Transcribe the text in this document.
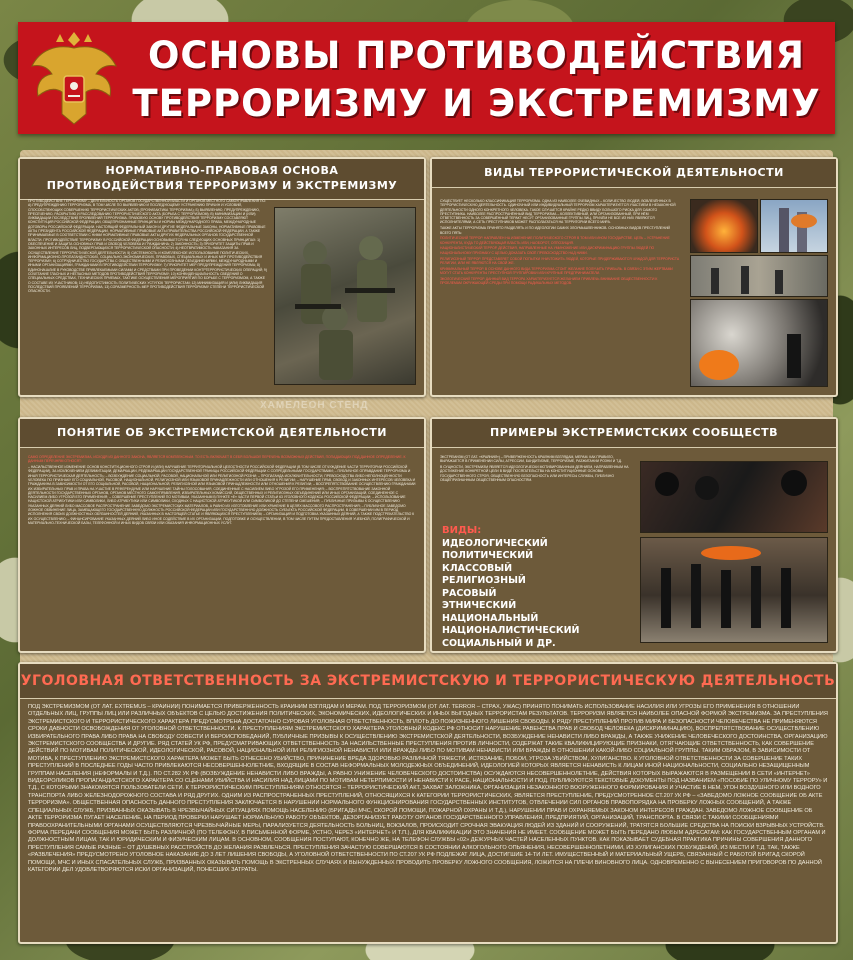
ОСНОВЫ ПРОТИВОДЕЙСТВИЯ
ТЕРРОРИЗМУ И ЭКСТРЕМИЗМУ
НОРМАТИВНО-ПРАВОВАЯ ОСНОВА
ПРОТИВОДЕЙСТВИЯ ТЕРРОРИЗМУ И ЭКСТРЕМИЗМУ

ПРОТИВОДЕЙСТВИЕ ТЕРРОРИЗМУ – ДЕЯТЕЛЬНОСТЬ ОРГАНОВ ГОСУДАРСТВЕННОЙ ВЛАСТИ И ОРГАНОВ МЕСТНОГО САМОУПРАВЛЕНИЯ ПО: А) ПРЕДУПРЕЖДЕНИЮ ТЕРРОРИЗМА, В ТОМ ЧИСЛЕ ПО ВЫЯВЛЕНИЮ И ПОСЛЕДУЮЩЕМУ УСТРАНЕНИЮ ПРИЧИН И УСЛОВИЙ, СПОСОБСТВУЮЩИХ СОВЕРШЕНИЮ ТЕРРОРИСТИЧЕСКИХ АКТОВ (ПРОФИЛАКТИКА ТЕРРОРИЗМА); Б) ВЫЯВЛЕНИЮ, ПРЕДУПРЕЖДЕНИЮ, ПРЕСЕЧЕНИЮ, РАСКРЫТИЮ И РАССЛЕДОВАНИЮ ТЕРРОРИСТИЧЕСКОГО АКТА (БОРЬБА С ТЕРРОРИЗМОМ); В) МИНИМИЗАЦИИ И (ИЛИ) ЛИКВИДАЦИИ ПОСЛЕДСТВИЙ ПРОЯВЛЕНИЙ ТЕРРОРИЗМА. ПРАВОВУЮ ОСНОВУ ПРОТИВОДЕЙСТВИЯ ТЕРРОРИЗМУ СОСТАВЛЯЮТ КОНСТИТУЦИЯ РОССИЙСКОЙ ФЕДЕРАЦИИ, ОБЩЕПРИЗНАННЫЕ ПРИНЦИПЫ И НОРМЫ МЕЖДУНАРОДНОГО ПРАВА, МЕЖДУНАРОДНЫЕ ДОГОВОРЫ РОССИЙСКОЙ ФЕДЕРАЦИИ, НАСТОЯЩИЙ ФЕДЕРАЛЬНЫЙ ЗАКОН И ДРУГИЕ ФЕДЕРАЛЬНЫЕ ЗАКОНЫ, НОРМАТИВНЫЕ ПРАВОВЫЕ АКТЫ ПРЕЗИДЕНТА РОССИЙСКОЙ ФЕДЕРАЦИИ, НОРМАТИВНЫЕ ПРАВОВЫЕ АКТЫ ПРАВИТЕЛЬСТВА РОССИЙСКОЙ ФЕДЕРАЦИИ, А ТАКЖЕ ПРИНИМАЕМЫЕ В СООТВЕТСТВИИ С НИМИ НОРМАТИВНЫЕ ПРАВОВЫЕ АКТЫ ДРУГИХ ФЕДЕРАЛЬНЫХ ОРГАНОВ ГОСУДАРСТВЕННОЙ ВЛАСТИ. ПРОТИВОДЕЙСТВИЕ ТЕРРОРИЗМУ В РОССИЙСКОЙ ФЕДЕРАЦИИ ОСНОВЫВАЕТСЯ НА СЛЕДУЮЩИХ ОСНОВНЫХ ПРИНЦИПАХ: 1) ОБЕСПЕЧЕНИЕ И ЗАЩИТА ОСНОВНЫХ ПРАВ И СВОБОД ЧЕЛОВЕКА И ГРАЖДАНИНА; 2) ЗАКОННОСТЬ; 3) ПРИОРИТЕТ ЗАЩИТЫ ПРАВ И ЗАКОННЫХ ИНТЕРЕСОВ ЛИЦ, ПОДВЕРГАЮЩИХСЯ ТЕРРОРИСТИЧЕСКОЙ ОПАСНОСТИ; 4) НЕОТВРАТИМОСТЬ НАКАЗАНИЯ ЗА ОСУЩЕСТВЛЕНИЕ ТЕРРОРИСТИЧЕСКОЙ ДЕЯТЕЛЬНОСТИ; 5) СИСТЕМНОСТЬ И КОМПЛЕКСНОЕ ИСПОЛЬЗОВАНИЕ ПОЛИТИЧЕСКИХ, ИНФОРМАЦИОННО-ПРОПАГАНДИСТСКИХ, СОЦИАЛЬНО-ЭКОНОМИЧЕСКИХ, ПРАВОВЫХ, СПЕЦИАЛЬНЫХ И ИНЫХ МЕР ПРОТИВОДЕЙСТВИЯ ТЕРРОРИЗМУ; 6) СОТРУДНИЧЕСТВО ГОСУДАРСТВА С ОБЩЕСТВЕННЫМИ И РЕЛИГИОЗНЫМИ ОБЪЕДИНЕНИЯМИ, МЕЖДУНАРОДНЫМИ И ИНЫМИ ОРГАНИЗАЦИЯМИ, ГРАЖДАНАМИ В ПРОТИВОДЕЙСТВИИ ТЕРРОРИЗМУ; 7) ПРИОРИТЕТ МЕР ПРЕДУПРЕЖДЕНИЯ ТЕРРОРИЗМА; 8) ЕДИНОНАЧАЛИЕ В РУКОВОДСТВЕ ПРИВЛЕКАЕМЫМИ СИЛАМИ И СРЕДСТВАМИ ПРИ ПРОВЕДЕНИИ КОНТРТЕРРОРИСТИЧЕСКИХ ОПЕРАЦИЙ; 9) СОЧЕТАНИЕ ГЛАСНЫХ И НЕГЛАСНЫХ МЕТОДОВ ПРОТИВОДЕЙСТВИЯ ТЕРРОРИЗМУ; 10) КОНФИДЕНЦИАЛЬНОСТЬ СВЕДЕНИЙ О СПЕЦИАЛЬНЫХ СРЕДСТВАХ, ТЕХНИЧЕСКИХ ПРИЕМАХ, ТАКТИКЕ ОСУЩЕСТВЛЕНИЯ МЕРОПРИЯТИЙ ПО БОРЬБЕ С ТЕРРОРИЗМОМ, А ТАКЖЕ О СОСТАВЕ ИХ УЧАСТНИКОВ; 11) НЕДОПУСТИМОСТЬ ПОЛИТИЧЕСКИХ УСТУПОК ТЕРРОРИСТАМ; 12) МИНИМИЗАЦИЯ И (ИЛИ) ЛИКВИДАЦИЯ ПОСЛЕДСТВИЙ ПРОЯВЛЕНИЙ ТЕРРОРИЗМА; 13) СОРАЗМЕРНОСТЬ МЕР ПРОТИВОДЕЙСТВИЯ ТЕРРОРИЗМУ СТЕПЕНИ ТЕРРОРИСТИЧЕСКОЙ ОПАСНОСТИ.

ВИДЫ ТЕРРОРИСТИЧЕСКОЙ ДЕЯТЕЛЬНОСТИ

СУЩЕСТВУЕТ НЕСКОЛЬКО КЛАССИФИКАЦИЙ ТЕРРОРИЗМА. ОДНА ИЗ НАИБОЛЕЕ ОЧЕВИДНЫХ – КОЛИЧЕСТВО ЛЮДЕЙ, ВОВЛЕЧЁННЫХ В ТЕРРОРИСТИЧЕСКУЮ ДЕЯТЕЛЬНОСТЬ. ОДИНОЧНЫЙ ИЛИ ИНДИВИДУАЛЬНЫЙ ТЕРРОРИЗМ ХАРАКТЕРИЗУЕТСЯ УЧАСТИЕМ В НЕЗАКОННОЙ ДЕЯТЕЛЬНОСТИ ОДНОГО КОНКРЕТНОГО ЧЕЛОВЕКА. ТАКОЕ СЛУЧАЕТСЯ КРАЙНЕ РЕДКО ВВИДУ БОЛЬШОГО РИСКА ДЛЯ САМОГО ПРЕСТУПНИКА. НАИБОЛЕЕ РАСПРОСТРАНЁННЫЙ ВИД ТЕРРОРИЗМА – КОЛЛЕКТИВНЫЙ, ИЛИ ОРГАНИЗОВАННЫЙ, ПРИ НЁМ ОТВЕТСТВЕННОСТЬ ЗА СОВЕРШЁННЫЙ ТЕРАКТ НЕСУТ ОРГАНИЗОВАННЫЕ ГРУППЫ ЛИЦ, ПРИЧЁМ НЕ ВСЕ ИЗ НИХ ЯВЛЯЮТСЯ ИСПОЛНИТЕЛЯМИ, А СЕТЬ ПРЕСТУПНИКОВ МОЖЕТ РАСПОЛАГАТЬСЯ НА ТЕРРИТОРИИ ВСЕГО МИРА.

ТАКЖЕ АКТЫ ТЕРРОРИЗМА ПРИНЯТО РАЗДЕЛЯТЬ И ПО ИДЕОЛОГИИ САМИХ ЗЛОУМЫШЛЕННИКОВ. ОСНОВНЫХ ВИДОВ ПРЕСТУПЛЕНИЙ ВСЕГО ПЯТЬ:

ПОЛИТИЧЕСКИЙ ТЕРРОР. НАПРАВЛЕН НА ИЗМЕНЕНИЕ ПОЛИТИЧЕСКОГО СТРОЯ В ТОМ ИЛИ ИНОМ ГОСУДАРСТВЕ. ЦЕЛЬ – УСТРАНЕНИЕ КОНКУРЕНТА, КУДА ТО ДЕЙСТВУЮЩАЯ ВЛАСТЬ ИЛИ, НАОБОРОТ, ОППОЗИЦИЯ.

НАЦИОНАЛИСТИЧЕСКИЙ ТЕРРОР. ДЕЙСТВИЯ, НАПРАВЛЕННЫЕ НА УМИНОЖЕНИЕ ИЛИ ДИСКРИМИНАЦИЮ ГРУППЫ ЛЮДЕЙ ПО НАЦИОНАЛЬНОМУ ПРИЗНАКУ С ЦЕЛЬЮ ДОКАЗАТЬ СВОЁ ПРЕВОСХОДСТВО НАД НИМИ.

РЕЛИГИОЗНЫЙ ТЕРРОР. ПРЕДСТАВЛЯЕТ СОБОЙ ПОПЫТКИ УНИЧТОЖИТЬ ЛЮДЕЙ, КОТОРЫЕ ПРИДЕРЖИВАЮТСЯ ЧУЖДОЙ ДЛЯ ТЕРРОРИСТА РЕЛИГИИ, ИЛИ НЕ ЯВЛЯЮТСЯ НА СВОЙ ЖЕ.

КРИМИНАЛЬНЫЙ ТЕРРОР. В ОСНОВЕ ДАННОГО ВИДА ТЕРРОРИЗМА СТОИТ ЖЕЛАНИЕ ПОЛУЧИТЬ ПРИБЫЛЬ. В СВЯЗИ С ЭТИМ ЖЕРТВАМИ МОГУТ СТАТЬ КОНКУРЕНТЫ ПРЕСТУПНОЙ ГРУППИРОВКИ ИЛИ КРУПНЫЕ ПРЕДПРИНИМАТЕЛИ.

ЭКОЛОГИЧЕСКИЙ ТЕРРОР. ДАННЫЙ ВИД ТЕРРОРА ХАРАКТЕРИЗУЕТСЯ ЖЕЛАНИЕМ ПРИВЛЕЧЬ ВНИМАНИЕ ОБЩЕСТВЕННОСТИ К ПРОБЛЕМАМ ОКРУЖАЮЩЕЙ СРЕДЫ ПРИ ПОМОЩИ РАДИКАЛЬНЫХ МЕТОДОВ.

ПОНЯТИЕ ОБ ЭКСТРЕМИСТСКОЙ ДЕЯТЕЛЬНОСТИ

САМО ОПРЕДЕЛЕНИЕ ЭКСТРЕМИЗМА, ИСХОДЯ ИЗ ДАННОГО ЗАКОНА, ЯВЛЯЕТСЯ КОМПЛЕКСНЫМ. ТО ЕСТЬ ВКЛЮЧАЕТ В СЕБЯ БОЛЬШОЙ ПЕРЕЧЕНЬ ВОЗМОЖНЫХ ДЕЙСТВИЙ, ПОПАДАЮЩИХ ПОД ДАННОЕ ОПРЕДЕЛЕНИЕ. К ДАННЫМ ПЕРЕЧНЯМ ОТНОСЯТ:

– НАСИЛЬСТВЕННОЕ ИЗМЕНЕНИЕ ОСНОВ КОНСТИТУЦИОННОГО СТРОЯ И (ИЛИ) НАРУШЕНИЕ ТЕРРИТОРИАЛЬНОЙ ЦЕЛОСТНОСТИ РОССИЙСКОЙ ФЕДЕРАЦИИ (В ТОМ ЧИСЛЕ ОТЧУЖДЕНИЕ ЧАСТИ ТЕРРИТОРИИ РОССИЙСКОЙ ФЕДЕРАЦИИ), ЗА ИСКЛЮЧЕНИЕМ ДЕЛИМИТАЦИИ, ДЕМАРКАЦИИ, РЕДЕМАРКАЦИИ ГОСУДАРСТВЕННОЙ ГРАНИЦЫ РОССИЙСКОЙ ФЕДЕРАЦИИ С СОПРЕДЕЛЬНЫМИ ГОСУДАРСТВАМИ; – ПУБЛИЧНОЕ ОПРАВДАНИЕ ТЕРРОРИЗМА И ИНАЯ ТЕРРОРИСТИЧЕСКАЯ ДЕЯТЕЛЬНОСТЬ; – ВОЗБУЖДЕНИЕ СОЦИАЛЬНОЙ, РАСОВОЙ, НАЦИОНАЛЬНОЙ ИЛИ РЕЛИГИОЗНОЙ РОЗНИ; – ПРОПАГАНДА ИСКЛЮЧИТЕЛЬНОСТИ, ПРЕВОСХОДСТВА ЛИБО НЕПОЛНОЦЕННОСТИ ЧЕЛОВЕКА ПО ПРИЗНАКУ ЕГО СОЦИАЛЬНОЙ, РАСОВОЙ, НАЦИОНАЛЬНОЙ, РЕЛИГИОЗНОЙ ИЛИ ЯЗЫКОВОЙ ПРИНАДЛЕЖНОСТИ ИЛИ ОТНОШЕНИЯ К РЕЛИГИИ; – НАРУШЕНИЕ ПРАВ, СВОБОД И ЗАКОННЫХ ИНТЕРЕСОВ ЧЕЛОВЕКА И ГРАЖДАНИНА В ЗАВИСИМОСТИ ОТ ЕГО СОЦИАЛЬНОЙ, РАСОВОЙ, НАЦИОНАЛЬНОЙ, РЕЛИГИОЗНОЙ ИЛИ ЯЗЫКОВОЙ ПРИНАДЛЕЖНОСТИ ИЛИ ОТНОШЕНИЯ К РЕЛИГИИ; – ВОСПРЕПЯТСТВОВАНИЕ ОСУЩЕСТВЛЕНИЮ ГРАЖДАНАМИ ИХ ИЗБИРАТЕЛЬНЫХ ПРАВ И ПРАВА НА УЧАСТИЕ В РЕФЕРЕНДУМЕ ИЛИ НАРУШЕНИЕ ТАЙНЫ ГОЛОСОВАНИЯ, СОЕДИНЕННЫЕ С НАСИЛИЕМ ЛИБО УГРОЗОЙ ЕГО ПРИМЕНЕНИЯ; – ВОСПРЕПЯТСТВОВАНИЕ ЗАКОННОЙ ДЕЯТЕЛЬНОСТИ ГОСУДАРСТВЕННЫХ ОРГАНОВ, ОРГАНОВ МЕСТНОГО САМОУПРАВЛЕНИЯ, ИЗБИРАТЕЛЬНЫХ КОМИССИЙ, ОБЩЕСТВЕННЫХ И РЕЛИГИОЗНЫХ ОБЪЕДИНЕНИЙ ИЛИ ИНЫХ ОРГАНИЗАЦИЙ, СОЕДИНЕННОЕ С НАСИЛИЕМ ЛИБО УГРОЗОЙ ЕГО ПРИМЕНЕНИЯ; – СОВЕРШЕНИЕ ПРЕСТУПЛЕНИЙ ПО МОТИВАМ, УКАЗАННЫМ В ПУНКТЕ «Е» ЧАСТИ ПЕРВОЙ СТАТЬИ 63 УГОЛОВНОГО КОДЕКСА РОССИЙСКОЙ ФЕДЕРАЦИИ; – ИСПОЛЬЗОВАНИЕ НАЦИСТСКОЙ АТРИБУТИКИ ИЛИ СИМВОЛИКИ, ЛИБО АТРИБУТИКИ ИЛИ СИМВОЛИКИ, СХОДНЫХ С НАЦИСТСКОЙ АТРИБУТИКОЙ ИЛИ СИМВОЛИКОЙ ДО СТЕПЕНИ СМЕШЕНИЯ; – ПУБЛИЧНЫЕ ПРИЗЫВЫ К ОСУЩЕСТВЛЕНИЮ УКАЗАННЫХ ДЕЯНИЙ ЛИБО МАССОВОЕ РАСПРОСТРАНЕНИЕ ЗАВЕДОМО ЭКСТРЕМИСТСКИХ МАТЕРИАЛОВ, А РАВНО ИХ ИЗГОТОВЛЕНИЕ ИЛИ ХРАНЕНИЕ В ЦЕЛЯХ МАССОВОГО РАСПРОСТРАНЕНИЯ; – ПУБЛИЧНОЕ ЗАВЕДОМО ЛОЖНОЕ ОБВИНЕНИЕ ЛИЦА, ЗАМЕЩАЮЩЕГО ГОСУДАРСТВЕННУЮ ДОЛЖНОСТЬ РОССИЙСКОЙ ФЕДЕРАЦИИ ИЛИ ГОСУДАРСТВЕННУЮ ДОЛЖНОСТЬ СУБЪЕКТА РОССИЙСКОЙ ФЕДЕРАЦИИ, В СОВЕРШЕНИИ ИМ В ПЕРИОД ИСПОЛНЕНИЯ СВОИХ ДОЛЖНОСТНЫХ ОБЯЗАННОСТЕЙ ДЕЯНИЙ, УКАЗАННЫХ В НАСТОЯЩЕЙ СТАТЬЕ И ЯВЛЯЮЩИХСЯ ПРЕСТУПЛЕНИЕМ; – ОРГАНИЗАЦИЯ И ПОДГОТОВКА УКАЗАННЫХ ДЕЯНИЙ, А ТАКЖЕ ПОДСТРЕКАТЕЛЬСТВО К ИХ ОСУЩЕСТВЛЕНИЮ; – ФИНАНСИРОВАНИЕ УКАЗАННЫХ ДЕЯНИЙ ЛИБО ИНОЕ СОДЕЙСТВИЕ В ИХ ОРГАНИЗАЦИИ, ПОДГОТОВКЕ И ОСУЩЕСТВЛЕНИИ, В ТОМ ЧИСЛЕ ПУТЕМ ПРЕДОСТАВЛЕНИЯ УЧЕБНОЙ, ПОЛИГРАФИЧЕСКОЙ И МАТЕРИАЛЬНО-ТЕХНИЧЕСКОЙ БАЗЫ, ТЕЛЕФОННОЙ И ИНЫХ ВИДОВ СВЯЗИ ИЛИ ОКАЗАНИЯ ИНФОРМАЦИОННЫХ УСЛУГ.

ПРИМЕРЫ ЭКСТРЕМИСТСКИХ СООБЩЕСТВ

ЭКСТРЕМИЗМ (ОТ ЛАТ. «КРАЙНИЙ») – ПРИВЕРЖЕННОСТЬ КРАЙНИМ ВЗГЛЯДАМ, МЕРАМ. КАК ПРАВИЛО, ВЫРАЖАЕТСЯ В ПРИМЕНЕНИИ СИЛЫ, АГРЕССИИ, БАНДИТИЗМЕ, ТЕРРОРИЗМЕ, РАЗЖИГАНИИ РОЗНИ И Т.Д.

В СУЩНОСТИ, ЭКСТРЕМИЗМ ЯВЛЯЕТСЯ ИДЕОЛОГИЧЕСКИ МОТИВИРОВАННЫМ ДЕЯНИЕМ, НАПРАВЛЕННЫМ НА ДОСТИЖЕНИЕ КОНКРЕТНОЙ ЦЕЛИ В ВИДЕ ПОСЯГАТЕЛЬСТВА НА КОНСТИТУЦИОННЫЕ ОСНОВЫ ГОСУДАРСТВЕННОГО СТРОЯ, ОБЩЕСТВЕННУЮ БЕЗОПАСНОСТЬ ИЛИ ИНТЕРЕСЫ СЛУЖБЫ, ПУБЛИЧНО ОБЩЕПРИЗНАННЫМ ОБЩЕСТВЕННЫМ ОПАСНОСТЯМ.

ВИДЫ:
ИДЕОЛОГИЧЕСКИЙ
ПОЛИТИЧЕСКИЙ
КЛАССОВЫЙ
РЕЛИГИОЗНЫЙ
РАСОВЫЙ
ЭТНИЧЕСКИЙ
НАЦИОНАЛЬНЫЙ
НАЦИОНАЛИСТИЧЕСКИЙ
СОЦИАЛЬНЫЙ И ДР.
УГОЛОВНАЯ ОТВЕТСТВЕННОСТЬ ЗА ЭКСТРЕМИСТСКУЮ И ТЕРРОРИСТИЧЕСКУЮ ДЕЯТЕЛЬНОСТЬ

ПОД ЭКСТРЕМИЗМОМ (ОТ ЛАТ. EXTREMUS – КРАЙНИЙ) ПОНИМАЕТСЯ ПРИВЕРЖЕННОСТЬ КРАЙНИМ ВЗГЛЯДАМ И МЕРАМ. ПОД ТЕРРОРИЗМОМ (ОТ ЛАТ. TERROR – СТРАХ, УЖАС) ПРИНЯТО ПОНИМАТЬ ИСПОЛЬЗОВАНИЕ НАСИЛИЯ ИЛИ УГРОЗЫ ЕГО ПРИМЕНЕНИЯ В ОТНОШЕНИИ ОТДЕЛЬНЫХ ЛИЦ, ГРУППЫ ЛИЦ ИЛИ РАЗЛИЧНЫХ ОБЪЕКТОВ С ЦЕЛЬЮ ДОСТИЖЕНИЯ ПОЛИТИЧЕСКИХ, ЭКОНОМИЧЕСКИХ, ИДЕОЛОГИЧЕСКИХ И ИНЫХ ВЫГОДНЫХ ТЕРРОРИСТАМ РЕЗУЛЬТАТОВ. ТЕРРОРИЗМ ЯВЛЯЕТСЯ НАИБОЛЕЕ ОПАСНОЙ ФОРМОЙ ЭКСТРЕМИЗМА. ЗА ПРЕСТУПЛЕНИЯ ЭКСТРЕМИСТСКОГО И ТЕРРОРИСТИЧЕСКОГО ХАРАКТЕРА ПРЕДУСМОТРЕНА ДОСТАТОЧНО СУРОВАЯ УГОЛОВНАЯ ОТВЕТСТВЕННОСТЬ, ВПЛОТЬ ДО ПОЖИЗНЕННОГО ЛИШЕНИЯ СВОБОДЫ. К РЯДУ ПРЕСТУПЛЕНИЙ ПРОТИВ МИРА И БЕЗОПАСНОСТИ ЧЕЛОВЕЧЕСТВА НЕ ПРИМЕНЯЮТСЯ СРОКИ ДАВНОСТИ ОСВОБОЖДЕНИЯ ОТ УГОЛОВНОЙ ОТВЕТСТВЕННОСТИ. К ПРЕСТУПЛЕНИЯМ ЭКСТРЕМИСТСКОГО ХАРАКТЕРА УГОЛОВНЫЙ КОДЕКС РФ ОТНОСИТ НАРУШЕНИЕ РАВЕНСТВА ПРАВ И СВОБОД ЧЕЛОВЕКА (ДИСКРИМИНАЦИЮ), ВОСПРЕПЯТСТВОВАНИЕ ОСУЩЕСТВЛЕНИЮ ИЗБИРАТЕЛЬНОГО ПРАВА ЛИБО ПРАВА НА СВОБОДУ СОВЕСТИ И ВЕРОИСПОВЕДАНИЙ, ПУБЛИЧНЫЕ ПРИЗЫВЫ К ОСУЩЕСТВЛЕНИЮ ЭКСТРЕМИСТСКОЙ ДЕЯТЕЛЬНОСТИ, ВОЗБУЖДЕНИЕ НЕНАВИСТИ ЛИБО ВРАЖДЫ, А ТАКЖЕ УНИЖЕНИЕ ЧЕЛОВЕЧЕСКОГО ДОСТОИНСТВА, ОРГАНИЗАЦИЮ ЭКСТРЕМИСТСКОГО СООБЩЕСТВА И ДРУГИЕ. РЯД СТАТЕЙ УК РФ, ПРЕДУСМАТРИВАЮЩИХ ОТВЕТСТВЕННОСТЬ ЗА НАСИЛЬСТВЕННЫЕ ПРЕСТУПЛЕНИЯ ПРОТИВ ЛИЧНОСТИ, СОДЕРЖАТ ТАКИЕ КВАЛИФИЦИРУЮЩИЕ ПРИЗНАКИ, ОТЯГЧАЮЩИЕ ОТВЕТСТВЕННОСТЬ, КАК СОВЕРШЕНИЕ ДЕЙСТВИЙ ПО МОТИВАМ ПОЛИТИЧЕСКОЙ, ИДЕОЛОГИЧЕСКОЙ, РАСОВОЙ, НАЦИОНАЛЬНОЙ ИЛИ РЕЛИГИОЗНОЙ НЕНАВИСТИ ИЛИ ВРАЖДЫ ЛИБО ПО МОТИВАМ НЕНАВИСТИ ИЛИ ВРАЖДЫ В ОТНОШЕНИИ КАКОЙ-ЛИБО СОЦИАЛЬНОЙ ГРУППЫ. ТАКИМ ОБРАЗОМ, В ЗАВИСИМОСТИ ОТ МОТИВА, К ПРЕСТУПЛЕНИЮ ЭКСТРЕМИСТСКОГО ХАРАКТЕРА МОЖЕТ БЫТЬ ОТНЕСЕНО УБИЙСТВО, ПРИЧИНЕНИЕ ВРЕДА ЗДОРОВЬЮ РАЗЛИЧНОЙ ТЯЖЕСТИ, ИСТЯЗАНИЕ, ПОБОИ, УГРОЗА УБИЙСТВОМ, ХУЛИГАНСТВО. К УГОЛОВНОЙ ОТВЕТСТВЕННОСТИ ЗА СОВЕРШЕНИЕ ТАКИХ ПРЕСТУПЛЕНИЙ В ПОСЛЕДНЕЕ ГОДЫ ЧАСТО ПРИВЛЕКАЮТСЯ НЕСОВЕРШЕННОЛЕТНИЕ, ВХОДЯЩИЕ В СОСТАВ НЕФОРМАЛЬНЫХ МОЛОДЕЖНЫХ ОБЪЕДИНЕНИЙ, ИДЕОЛОГИЕЙ КОТОРЫХ ЯВЛЯЕТСЯ НЕНАВИСТЬ К ЛИЦАМ ИНОЙ НАЦИОНАЛЬНОСТИ, СОЦИАЛЬНО НЕЗАЩИЩЕННЫМ ГРУППАМ НАСЕЛЕНИЯ (НЕФОРМАЛЫ И Т.Д.). ПО СТ.282 УК РФ (ВОЗБУЖДЕНИЕ НЕНАВИСТИ ЛИБО ВРАЖДЫ, А РАВНО УНИЖЕНИЕ ЧЕЛОВЕЧЕСКОГО ДОСТОИНСТВА) ОСУЖДАЮТСЯ НЕСОВЕРШЕННОЛЕТНИЕ, ДЕЙСТВИЯ КОТОРЫХ ВЫРАЖАЮТСЯ В РАЗМЕЩЕНИИ В СЕТИ «ИНТЕРНЕТ» ВИДЕОРОЛИКОВ ПРОПАГАНДИСТСКОГО ХАРАКТЕРА СО СЦЕНАМИ УБИЙСТВА И НАСИЛИЯ НАД ЛИЦАМИ ПО МОТИВАМ НЕТЕРПИМОСТИ И НЕНАВИСТИ К РАСЕ, НАЦИОНАЛЬНОСТИ И ПОД. ПУБЛИКУЮТСЯ ТЕКСТОВЫЕ ДОКУМЕНТЫ ПОД НАЗВАНИЕМ «ПОСОБИЕ ПО УЛИЧНОМУ ТЕРРОРУ» И Т.Д., С КОТОРЫМИ ЗНАКОМЯТСЯ ПОЛЬЗОВАТЕЛИ СЕТИ. К ТЕРРОРИСТИЧЕСКИМ ПРЕСТУПЛЕНИЯМ ОТНОСЯТСЯ – ТЕРРОРИСТИЧЕСКИЙ АКТ, ЗАХВАТ ЗАЛОЖНИКА, ОРГАНИЗАЦИЯ НЕЗАКОННОГО ВООРУЖЕННОГО ФОРМИРОВАНИЯ И УЧАСТИЕ В НЕМ, УГОН ВОЗДУШНОГО ИЛИ ВОДНОГО ТРАНСПОРТА ЛИБО ЖЕЛЕЗНОДОРОЖНОГО СОСТАВА И РЯД ДРУГИХ. ОДНИМ ИЗ РАСПРОСТРАНЕННЫХ ПРЕСТУПЛЕНИЙ, ОТНОСЯЩИХСЯ К КАТЕГОРИИ ТЕРРОРИСТИЧЕСКИХ, ЯВЛЯЕТСЯ ПРЕСТУПЛЕНИЕ, ПРЕДУСМОТРЕННОЕ СТ.207 УК РФ – «ЗАВЕДОМО ЛОЖНОЕ СООБЩЕНИЕ ОБ АКТЕ ТЕРРОРИЗМА». ОБЩЕСТВЕННАЯ ОПАСНОСТЬ ДАННОГО ПРЕСТУПЛЕНИЯ ЗАКЛЮЧАЕТСЯ В НАРУШЕНИИ НОРМАЛЬНОГО ФУНКЦИОНИРОВАНИЯ ГОСУДАРСТВЕННЫХ ИНСТИТУТОВ, ОТВЛЕЧЕНИИ СИЛ ОРГАНОВ ПРАВОПОРЯДКА НА ПРОВЕРКУ ЛОЖНЫХ СООБЩЕНИЙ, А ТАКЖЕ СПЕЦИАЛЬНЫХ СЛУЖБ, ПРИЗВАННЫХ ОКАЗЫВАТЬ В ЧРЕЗВЫЧАЙНЫХ СИТУАЦИЯХ ПОМОЩЬ НАСЕЛЕНИЮ (БРИГАДЫ МЧС, СКОРОЙ ПОМОЩИ, ПОЖАРНОЙ ОХРАНЫ И Т.Д.), НАРУШЕНИИ ПРАВ И ОХРАНЯЕМЫХ ЗАКОНОМ ИНТЕРЕСОВ ГРАЖДАН. ЗАВЕДОМО ЛОЖНОЕ СООБЩЕНИЕ ОБ АКТЕ ТЕРРОРИЗМА ПУГАЕТ НАСЕЛЕНИЕ, НА ПЕРИОД ПРОВЕРКИ НАРУШАЕТ НОРМАЛЬНУЮ РАБОТУ ОБЪЕКТОВ, ДЕЗОРГАНИЗУЕТ РАБОТУ ОРГАНОВ ГОСУДАРСТВЕННОГО УПРАВЛЕНИЯ, ПРЕДПРИЯТИЙ, ОРГАНИЗАЦИЙ, ТРАНСПОРТА. В СВЯЗИ С ТАКИМИ СООБЩЕНИЯМИ ПРАВООХРАНИТЕЛЬНЫМИ ОРГАНАМИ ОСУЩЕСТВЛЯЮТСЯ ЧРЕЗВЫЧАЙНЫЕ МЕРЫ, ПАРАЛИЗУЕТСЯ ДЕЯТЕЛЬНОСТЬ БОЛЬНИЦ, ВОКЗАЛОВ, ПРОИСХОДИТ СРОЧНАЯ ЭВАКУАЦИЯ ЛЮДЕЙ ИЗ ЗДАНИЙ И СООРУЖЕНИЙ, ТРАТЯТСЯ БОЛЬШИЕ СРЕДСТВА НА ПОИСКИ ВЗРЫВНЫХ УСТРОЙСТВ. ФОРМА ПЕРЕДАЧИ СООБЩЕНИЯ МОЖЕТ БЫТЬ РАЗЛИЧНОЙ (ПО ТЕЛЕФОНУ, В ПИСЬМЕННОЙ ФОРМЕ, УСТНО, ЧЕРЕЗ «ИНТЕРНЕТ» И Т.П.), ДЛЯ КВАЛИФИКАЦИИ ЭТО ЗНАЧЕНИЯ НЕ ИМЕЕТ. СООБЩЕНИЕ МОЖЕТ БЫТЬ ПЕРЕДАНО ЛЮБЫМ АДРЕСАТАМ: КАК ГОСУДАРСТВЕННЫМ ОРГАНАМ И ДОЛЖНОСТНЫМ ЛИЦАМ, ТАК И ЮРИДИЧЕСКИМ И ФИЗИЧЕСКИМ ЛИЦАМ. В ОСНОВНОМ, СООБЩЕНИЯ ПОСТУПАЮТ, КОНЕЧНО ЖЕ, НА ТЕЛЕФОН СЛУЖБЫ «02» ДЕЖУРНЫХ ЧАСТЕЙ НАСЕЛЕННЫХ ПУНКТОВ. КАК ПОКАЗЫВАЕТ СУДЕБНАЯ ПРАКТИКА ПРИЧИНЫ СОВЕРШЕНИЯ ДАННОГО ПРЕСТУПЛЕНИЯ САМЫЕ РАЗНЫЕ – ОТ ДУШЕВНЫХ РАССТРОЙСТВ ДО ЖЕЛАНИЯ РАЗВЛЕЧЬСЯ. ПРЕСТУПЛЕНИЯ ЗАЧАСТУЮ СОВЕРШАЮТСЯ В СОСТОЯНИИ АЛКОГОЛЬНОГО ОПЬЯНЕНИЯ, НЕСОВЕРШЕННОЛЕТНИМИ, ИЗ ХУЛИГАНСКИХ ПОБУЖДЕНИЙ, ИЗ МЕСТИ И Т.Д. ТАК, ТАКЖЕ «РАЗВЛЕЧЕНИЯ» ПРЕДУСМОТРЕНО УГОЛОВНОЕ НАКАЗАНИЕ ДО 3 ЛЕТ ЛИШЕНИЯ СВОБОДЫ, А УГОЛОВНОЙ ОТВЕТСТВЕННОСТИ ПО СТ.207 УК РФ ПОДЛЕЖАТ ЛИЦА, ДОСТИГШИЕ 14-ТИ ЛЕТ. ИМУЩЕСТВЕННЫЙ И МАТЕРИАЛЬНЫЙ УЩЕРБ, СВЯЗАННЫЙ С РАБОТОЙ БРИГАД СКОРОЙ ПОМОЩИ, МЧС И ИНЫХ СПАСАТЕЛЬНЫХ СЛУЖБ, ПРИЗВАННЫХ ОКАЗЫВАТЬ ПОМОЩЬ В ЭКСТРЕННЫХ СЛУЧАЯХ И ВЫНУЖДЕННЫХ ПРОВОДИТЬ ПРОВЕРКУ ЛОЖНОГО СООБЩЕНИЯ, ЛОЖИТСЯ НА ПЛЕЧИ ВИНОВНОГО ЛИЦА. ОДНОВРЕМЕННО С ВЫНЕСЕНИЕМ ПРИГОВОРОВ ПО ДАННОЙ КАТЕГОРИИ ДЕЛ УДОВЛЕТВОРЯЮТСЯ ИСКИ ОРГАНИЗАЦИЙ, ПОНЕСШИХ ЗАТРАТЫ.

ХАМЕЛЕОН СТЕНД
